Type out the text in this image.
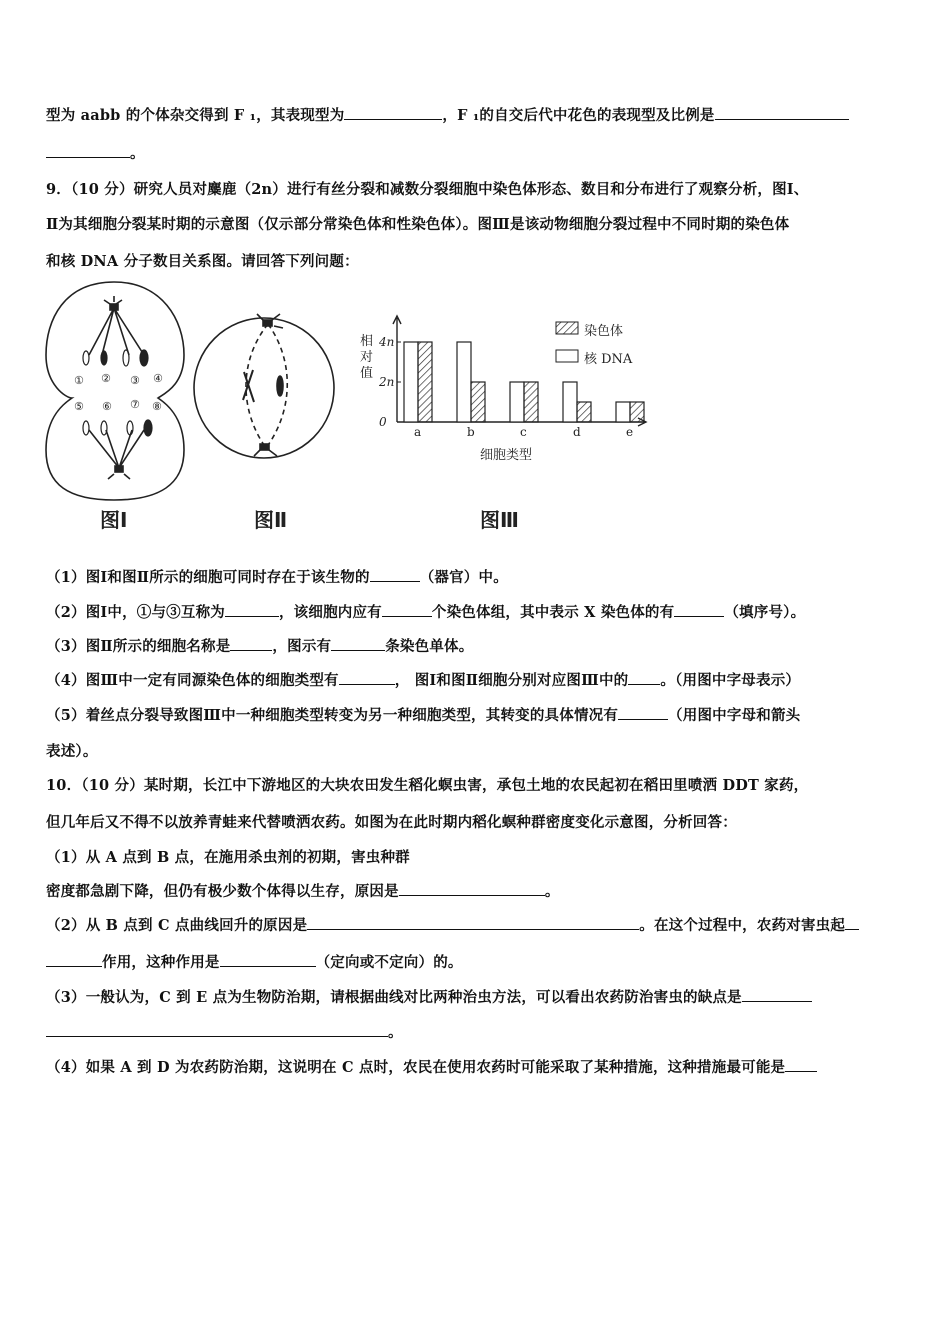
型为 aabb 的个体杂交得到 F ₁，其表现型为	，F ₁的自交后代中花色的表现型及比例是
。
9．（10 分）研究人员对麋鹿（2n）进行有丝分裂和减数分裂细胞中染色体形态、数目和分布进行了观察分析，图Ⅰ、
Ⅱ为其细胞分裂某时期的示意图（仅示部分常染色体和性染色体）。图Ⅲ是该动物细胞分裂过程中不同时期的染色体
和核 DNA 分子数目关系图。请回答下列问题：
① ② ③ ④
⑤ ⑥ ⑦ ⑧
a	b	c	d	e
0
2n
4n
染色体
核 DNA
相对值
细胞类型
图Ⅰ	图Ⅱ	图Ⅲ
（1）图Ⅰ和图Ⅱ所示的细胞可同时存在于该生物的	（器官）中。
（2）图Ⅰ中，①与③互称为	，该细胞内应有	个染色体组，其中表示 X 染色体的有	（填序号）。
（3）图Ⅱ所示的细胞名称是	，图示有	条染色单体。
（4）图Ⅲ中一定有同源染色体的细胞类型有	， 图Ⅰ和图Ⅱ细胞分别对应图Ⅲ中的 。（用图中字母表示）
（5）着丝点分裂导致图Ⅲ中一种细胞类型转变为另一种细胞类型，其转变的具体情况有	（用图中字母和箭头
表述）。
10．（10 分）某时期，长江中下游地区的大块农田发生稻化螟虫害，承包土地的农民起初在稻田里喷洒 DDT 家药，
但几年后又不得不以放养青蛙来代替喷洒农药。如图为在此时期内稻化螟种群密度变化示意图，分析回答：
（1）从 A 点到 B 点，在施用杀虫剂的初期，害虫种群
密度都急剧下降，但仍有极少数个体得以生存，原因是	。
（2）从 B 点到 C 点曲线回升的原因是	。在这个过程中，农药对害虫起
作用，这种作用是	（定向或不定向）的。
（3）一般认为，C 到 E 点为生物防治期，请根据曲线对比两种治虫方法，可以看出农药防治害虫的缺点是
。
（4）如果 A 到 D 为农药防治期，这说明在 C 点时，农民在使用农药时可能采取了某种措施，这种措施最可能是
